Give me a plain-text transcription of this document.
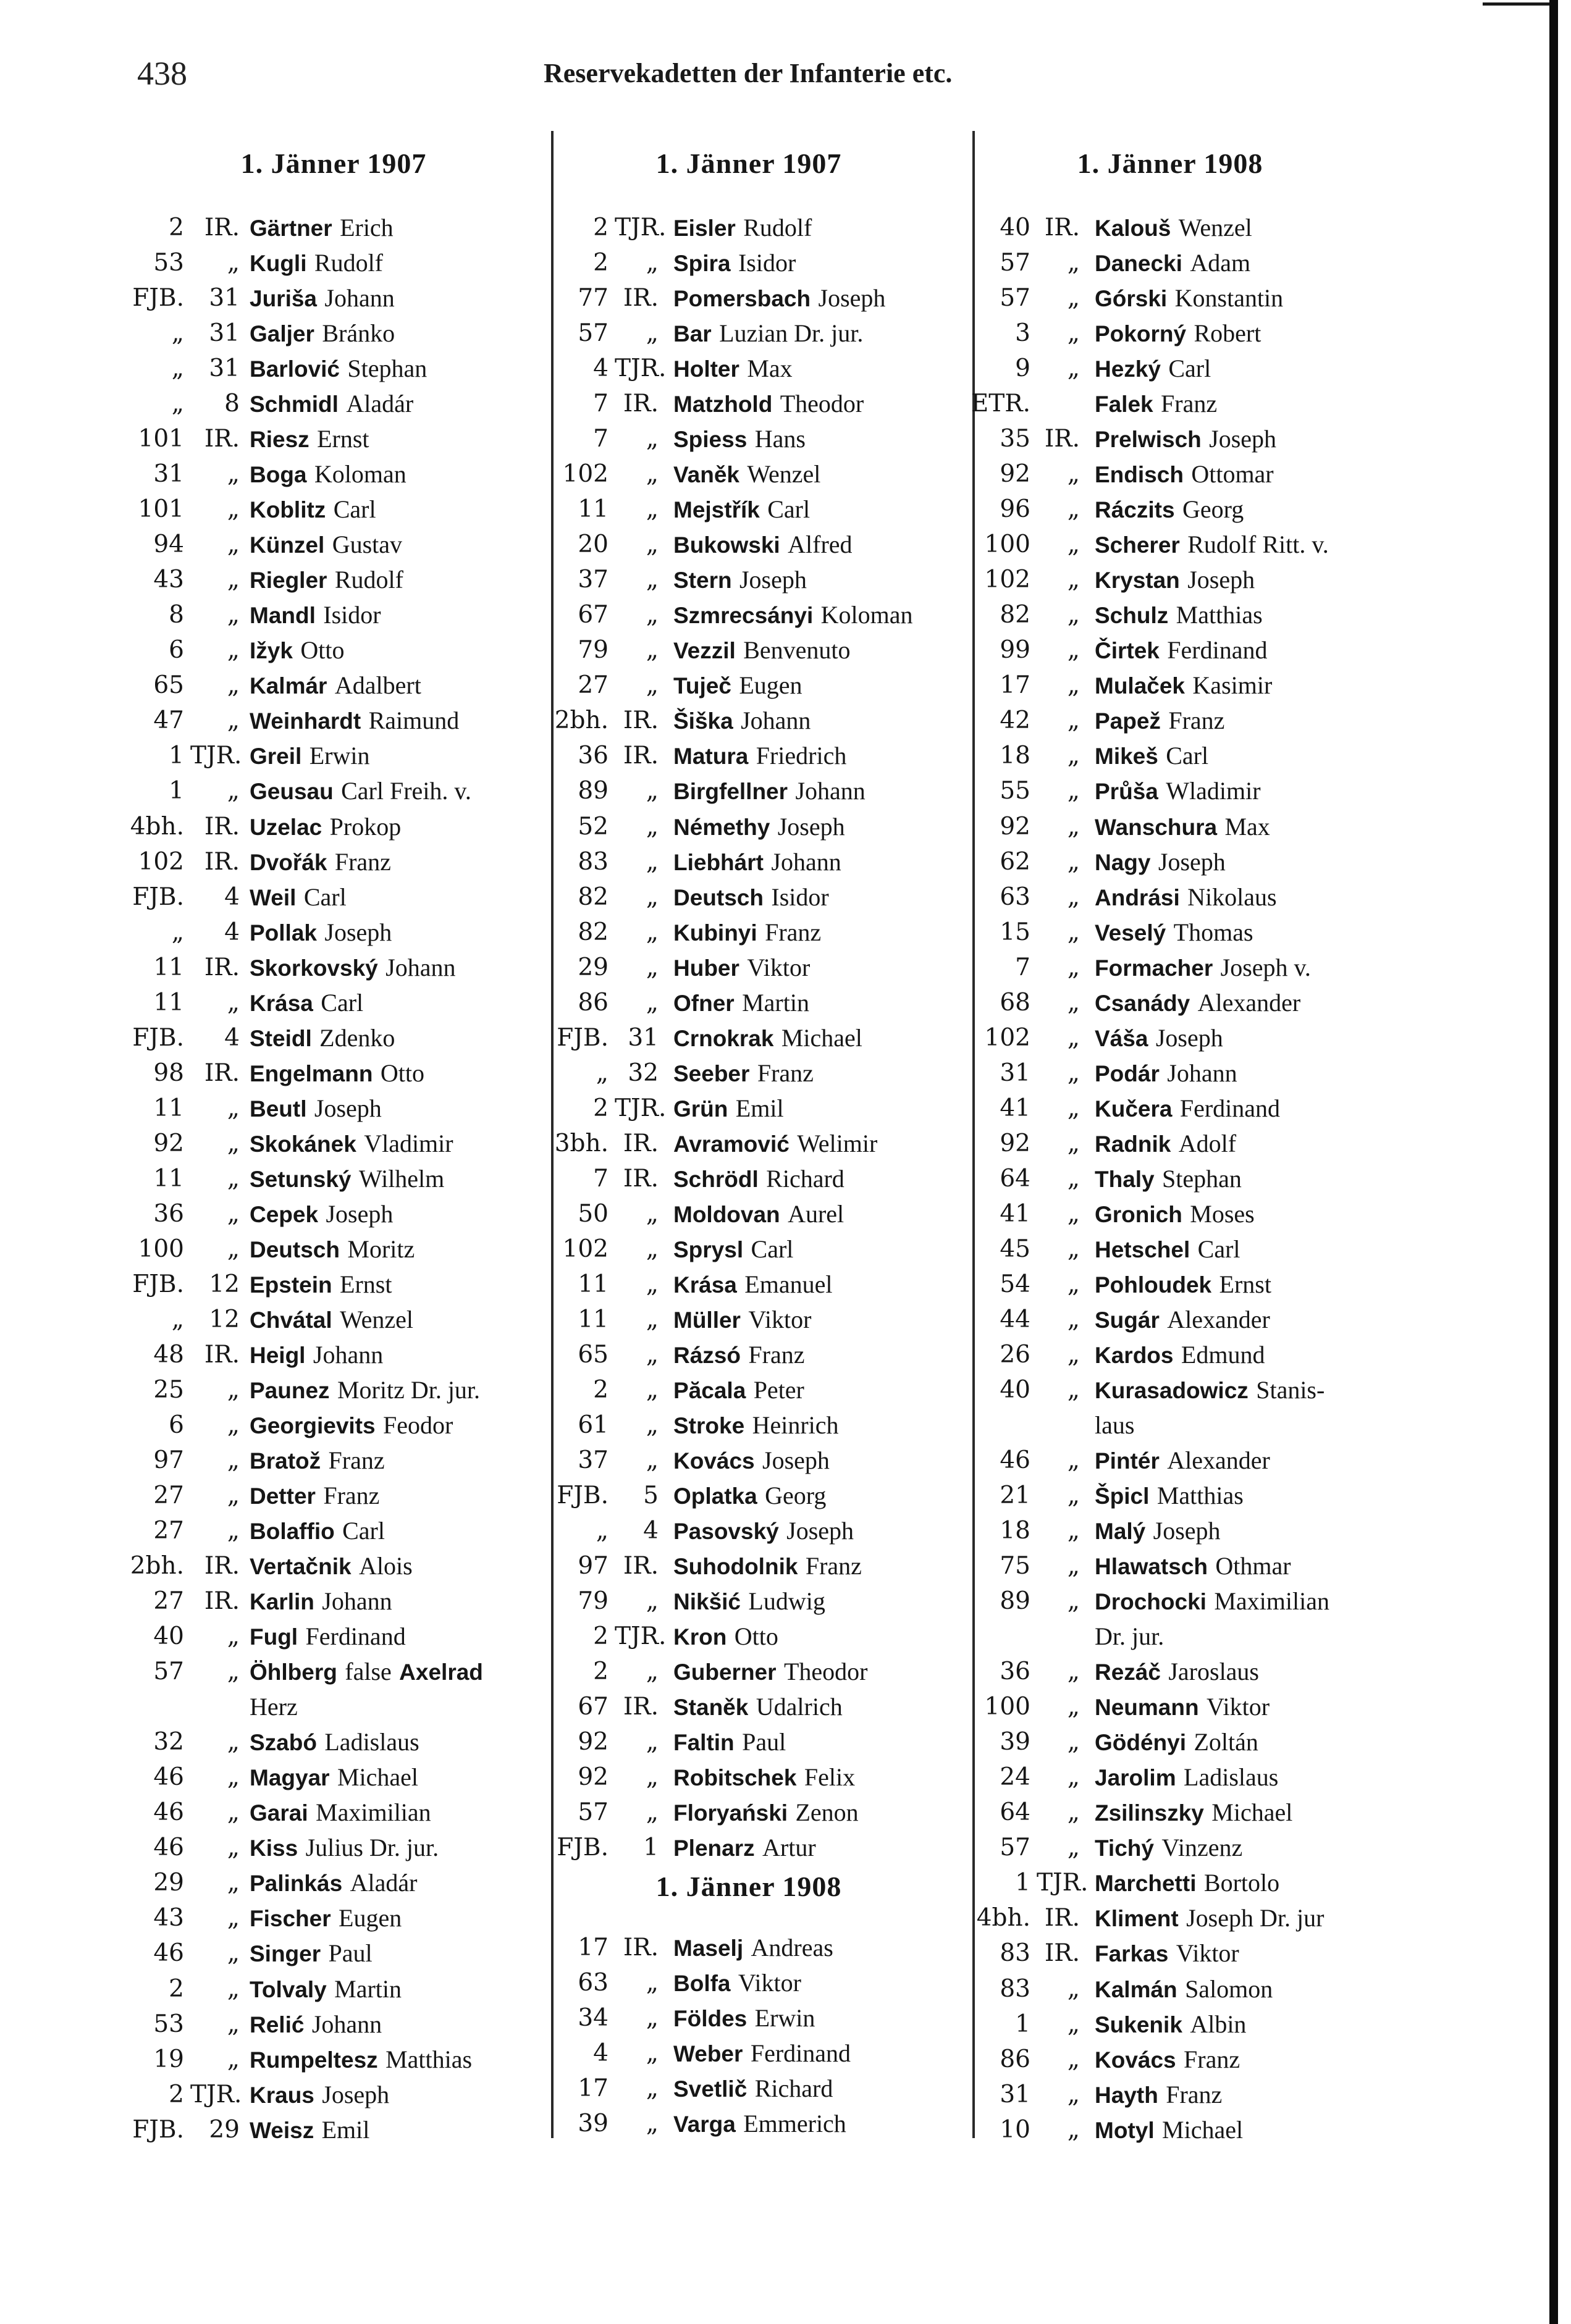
438	Reservekadetten der Infanterie etc.
1. Jänner 1907
2 IR. Gärtner Erich
53	„ Kugli Rudolf
FJB.	31 Juriša Johann
„	31 Galjer Bránko
„	31 Barlović Stephan
„	8 Schmidl Aladár
101 IR. Riesz Ernst
31	„ Boga Koloman
101	„ Koblitz Carl
94	„ Künzel Gustav
43	„ Riegler Rudolf
8	„ Mandl Isidor
6	„ Ižyk Otto
65	„ Kalmár Adalbert
47	„ Weinhardt Raimund
1 TJR. Greil Erwin
1	„ Geusau Carl Freih. v.
4bh. IR. Uzelac Prokop
102 IR. Dvořák Franz
FJB.	4 Weil Carl
„	4 Pollak Joseph
11 IR. Skorkovský Johann
11	„ Krása Carl
FJB.	4 Steidl Zdenko
98 IR. Engelmann Otto
11	„ Beutl Joseph
92	„ Skokánek Vladimir
11	„ Setunský Wilhelm
36	„ Cepek Joseph
100	„ Deutsch Moritz
FJB.	12 Epstein Ernst
„	12 Chvátal Wenzel
48 IR. Heigl Johann
25	„ Paunez Moritz Dr. jur.
6	„ Georgievits Feodor
97	„ Bratož Franz
27	„ Detter Franz
27	„ Bolaffio Carl
2bh. IR. Vertačnik Alois
27 IR. Karlin Johann
40	„ Fugl Ferdinand
57	„ Öhlberg false Axelrad
Herz
32	„ Szabó Ladislaus
46	„ Magyar Michael
46	„ Garai Maximilian
46	„ Kiss Julius Dr. jur.
29	„ Palinkás Aladár
43	„ Fischer Eugen
46	„ Singer Paul
2	„ Tolvaly Martin
53	„ Relić Johann
19	„ Rumpeltesz Matthias
2 TJR. Kraus Joseph
FJB.	29 Weisz Emil
1. Jänner 1907
2 TJR. Eisler Rudolf
2	„ Spira Isidor
77 IR. Pomersbach Joseph
57	„ Bar Luzian Dr. jur.
4 TJR. Holter Max
7 IR. Matzhold Theodor
7	„ Spiess Hans
102	„ Vaněk Wenzel
11	„ Mejstřík Carl
20	„ Bukowski Alfred
37	„ Stern Joseph
67	„ Szmrecsányi Koloman
79	„ Vezzil Benvenuto
27	„ Tuječ Eugen
2bh. IR. Šiška Johann
36 IR. Matura Friedrich
89	„ Birgfellner Johann
52	„ Némethy Joseph
83	„ Liebhárt Johann
82	„ Deutsch Isidor
82	„ Kubinyi Franz
29	„ Huber Viktor
86	„ Ofner Martin
FJB. 31 Crnokrak Michael
„ 32 Seeber Franz
2 TJR. Grün Emil
3bh. IR. Avramović Welimir
7 IR. Schrödl Richard
50	„ Moldovan Aurel
102	„ Sprysl Carl
11	„ Krása Emanuel
11	„ Müller Viktor
65	„ Rázsó Franz
2	„ Păcala Peter
61	„ Stroke Heinrich
37	„ Kovács Joseph
FJB.	5 Oplatka Georg
„	4 Pasovský Joseph
97 IR. Suhodolnik Franz
79	„ Nikšić Ludwig
2 TJR. Kron Otto
2	„ Guberner Theodor
67 IR. Staněk Udalrich
92	„ Faltin Paul
92	„ Robitschek Felix
57	„ Floryański Zenon
FJB.	1 Plenarz Artur
1. Jänner 1908
17 IR. Maselj Andreas
63	„ Bolfa Viktor
34	„ Földes Erwin
4	„ Weber Ferdinand
17	„ Svetlič Richard
39	„ Varga Emmerich
1. Jänner 1908
40 IR. Kalouš Wenzel
57	„ Danecki Adam
57	„ Górski Konstantin
3	„ Pokorný Robert
9	„ Hezký Carl
ETR.	Falek Franz
35 IR. Prelwisch Joseph
92	„ Endisch Ottomar
96	„ Ráczits Georg
100	„ Scherer Rudolf Ritt. v.
102	„ Krystan Joseph
82	„ Schulz Matthias
99	„ Čirtek Ferdinand
17	„ Mulaček Kasimir
42	„ Papež Franz
18	„ Mikeš Carl
55	„ Průša Wladimir
92	„ Wanschura Max
62	„ Nagy Joseph
63	„ Andrási Nikolaus
15	„ Veselý Thomas
7	„ Formacher Joseph v.
68	„ Csanády Alexander
102	„ Váša Joseph
31	„ Podár Johann
41	„ Kučera Ferdinand
92	„ Radnik Adolf
64	„ Thaly Stephan
41	„ Gronich Moses
45	„ Hetschel Carl
54	„ Pohloudek Ernst
44	„ Sugár Alexander
26	„ Kardos Edmund
40	„ Kurasadowicz Stanis-
laus
46	„ Pintér Alexander
21	„ Špicl Matthias
18	„ Malý Joseph
75	„ Hlawatsch Othmar
89	„ Drochocki Maximilian
Dr. jur.
36	„ Rezáč Jaroslaus
100	„ Neumann Viktor
39	„ Gödényi Zoltán
24	„ Jarolim Ladislaus
64	„ Zsilinszky Michael
57	„ Tichý Vinzenz
1 TJR. Marchetti Bortolo
4bh. IR. Kliment Joseph Dr. jur
83 IR. Farkas Viktor
83	„ Kalmán Salomon
1	„ Sukenik Albin
86	„ Kovács Franz
31	„ Hayth Franz
10	„ Motyl Michael
